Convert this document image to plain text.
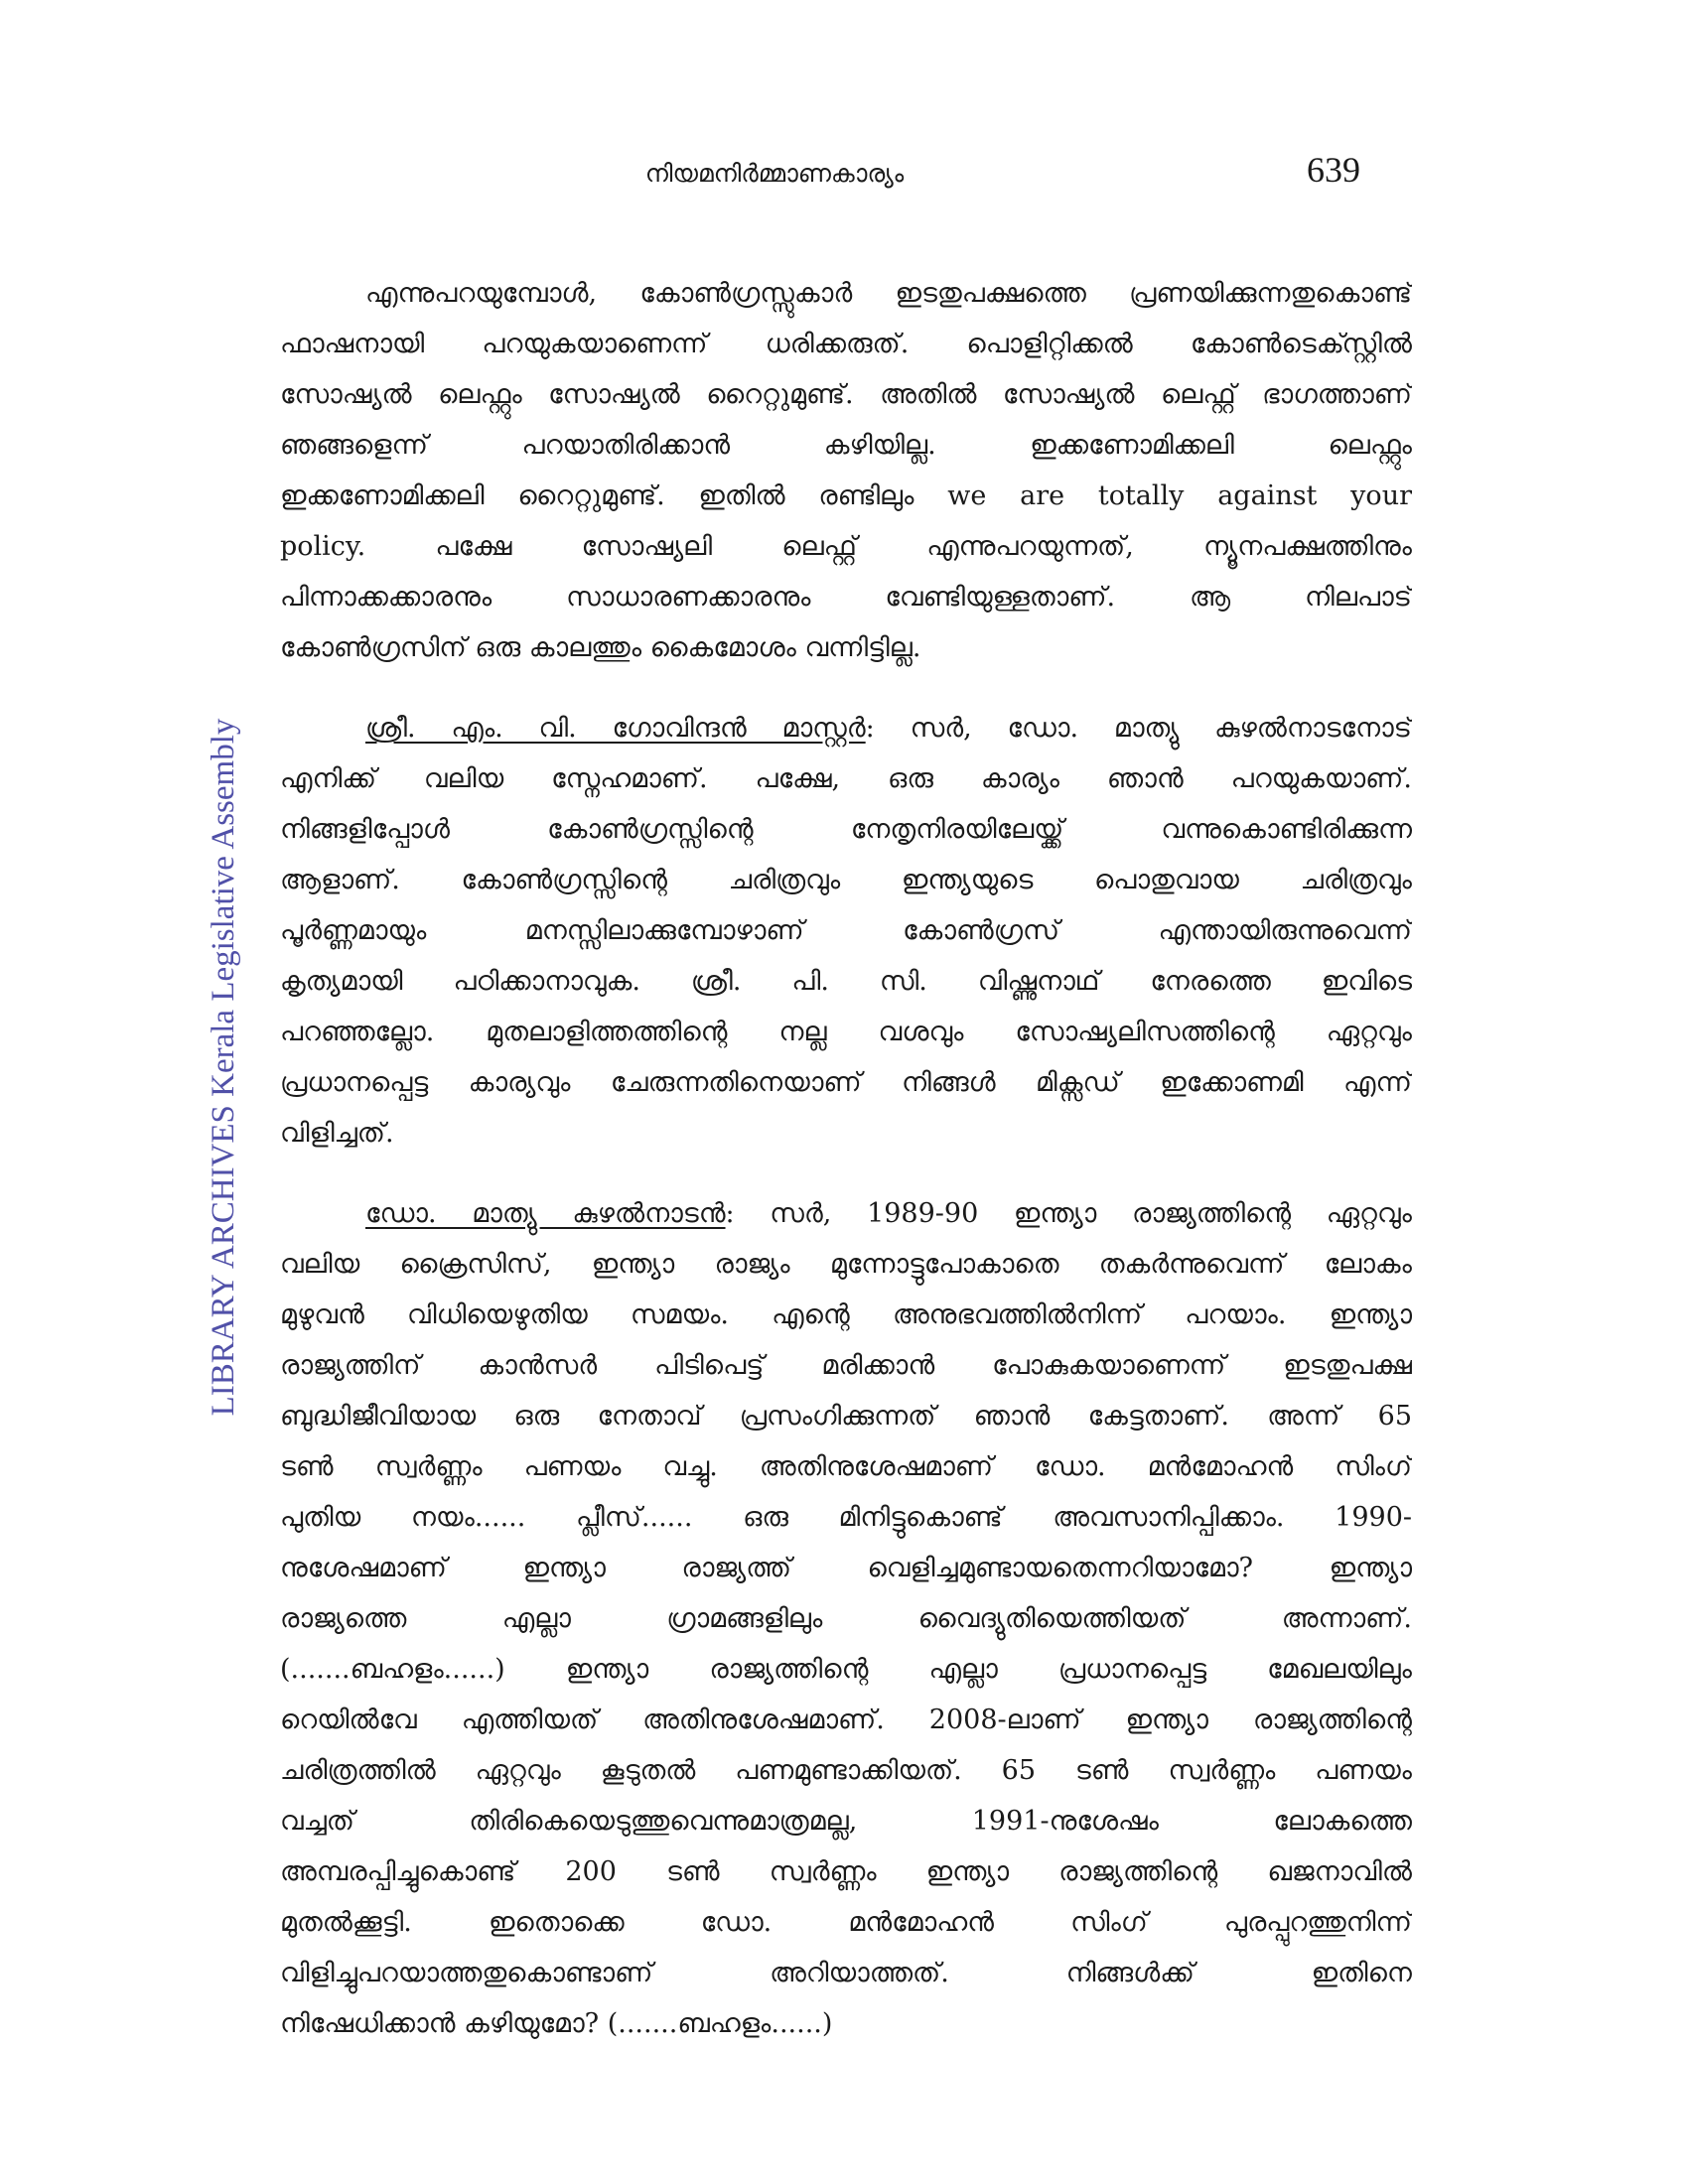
നിയമനിർമ്മാണകാര്യം	639
LIBRARY ARCHIVES Kerala Legislative Assembly
എന്നുപറയുമ്പോൾ, കോൺഗ്രസ്സുകാർ ഇടതുപക്ഷത്തെ പ്രണയിക്കുന്നതുകൊണ്ട്
ഫാഷനായി പറയുകയാണെന്ന് ധരിക്കരുത്. പൊളിറ്റിക്കൽ കോൺടെക്സ്റ്റിൽ
സോഷ്യൽ ലെഫ്റ്റും സോഷ്യൽ റൈറ്റുമുണ്ട്. അതിൽ സോഷ്യൽ ലെഫ്റ്റ് ഭാഗത്താണ്
ഞങ്ങളെന്ന് പറയാതിരിക്കാൻ കഴിയില്ല. ഇക്കണോമിക്കലി ലെഫ്റ്റും
ഇക്കണോമിക്കലി റൈറ്റുമുണ്ട്. ഇതിൽ രണ്ടിലും we are totally against your
policy. പക്ഷേ സോഷ്യലി ലെഫ്റ്റ് എന്നുപറയുന്നത്, ന്യൂനപക്ഷത്തിനും
പിന്നാക്കക്കാരനും സാധാരണക്കാരനും വേണ്ടിയുള്ളതാണ്. ആ നിലപാട്
കോൺഗ്രസിന് ഒരു കാലത്തും കൈമോശം വന്നിട്ടില്ല.
ശ്രീ. എം. വി. ഗോവിന്ദൻ മാസ്റ്റർ: സർ, ഡോ. മാത്യു കുഴൽനാടനോട്
എനിക്ക് വലിയ സ്നേഹമാണ്. പക്ഷേ, ഒരു കാര്യം ഞാൻ പറയുകയാണ്.
നിങ്ങളിപ്പോൾ കോൺഗ്രസ്സിന്റെ നേതൃനിരയിലേയ്ക്ക് വന്നുകൊണ്ടിരിക്കുന്ന
ആളാണ്. കോൺഗ്രസ്സിന്റെ ചരിത്രവും ഇന്ത്യയുടെ പൊതുവായ ചരിത്രവും
പൂർണ്ണമായും മനസ്സിലാക്കുമ്പോഴാണ് കോൺഗ്രസ് എന്തായിരുന്നുവെന്ന്
കൃത്യമായി പഠിക്കാനാവുക. ശ്രീ. പി. സി. വിഷ്ണുനാഥ് നേരത്തെ ഇവിടെ
പറഞ്ഞല്ലോ. മുതലാളിത്തത്തിന്റെ നല്ല വശവും സോഷ്യലിസത്തിന്റെ ഏറ്റവും
പ്രധാനപ്പെട്ട കാര്യവും ചേരുന്നതിനെയാണ് നിങ്ങൾ മിക്സഡ് ഇക്കോണമി എന്ന്
വിളിച്ചത്.
ഡോ. മാത്യു കുഴൽനാടൻ: സർ, 1989-90 ഇന്ത്യാ രാജ്യത്തിന്റെ ഏറ്റവും
വലിയ ക്രൈസിസ്, ഇന്ത്യാ രാജ്യം മുന്നോട്ടുപോകാതെ തകർന്നുവെന്ന് ലോകം
മുഴുവൻ വിധിയെഴുതിയ സമയം. എന്റെ അനുഭവത്തിൽനിന്ന് പറയാം. ഇന്ത്യാ
രാജ്യത്തിന് കാൻസർ പിടിപെട്ട് മരിക്കാൻ പോകുകയാണെന്ന് ഇടതുപക്ഷ
ബുദ്ധിജീവിയായ ഒരു നേതാവ് പ്രസംഗിക്കുന്നത് ഞാൻ കേട്ടതാണ്. അന്ന് 65
ടൺ സ്വർണ്ണം പണയം വച്ചു. അതിനുശേഷമാണ് ഡോ. മൻമോഹൻ സിംഗ്
പുതിയ നയം...... പ്ലീസ്...... ഒരു മിനിട്ടുകൊണ്ട് അവസാനിപ്പിക്കാം. 1990-
നുശേഷമാണ് ഇന്ത്യാ രാജ്യത്ത് വെളിച്ചമുണ്ടായതെന്നറിയാമോ? ഇന്ത്യാ
രാജ്യത്തെ എല്ലാ ഗ്രാമങ്ങളിലും വൈദ്യുതിയെത്തിയത് അന്നാണ്.
(.......ബഹളം......) ഇന്ത്യാ രാജ്യത്തിന്റെ എല്ലാ പ്രധാനപ്പെട്ട മേഖലയിലും
റെയിൽവേ എത്തിയത് അതിനുശേഷമാണ്. 2008-ലാണ് ഇന്ത്യാ രാജ്യത്തിന്റെ
ചരിത്രത്തിൽ ഏറ്റവും കൂടുതൽ പണമുണ്ടാക്കിയത്. 65 ടൺ സ്വർണ്ണം പണയം
വച്ചത് തിരികെയെടുത്തുവെന്നുമാത്രമല്ല, 1991-നുശേഷം ലോകത്തെ
അമ്പരപ്പിച്ചുകൊണ്ട് 200 ടൺ സ്വർണ്ണം ഇന്ത്യാ രാജ്യത്തിന്റെ ഖജനാവിൽ
മുതൽക്കൂട്ടി. ഇതൊക്കെ ഡോ. മൻമോഹൻ സിംഗ് പുരപ്പുറത്തുനിന്ന്
വിളിച്ചുപറയാത്തതുകൊണ്ടാണ് അറിയാത്തത്. നിങ്ങൾക്ക് ഇതിനെ
നിഷേധിക്കാൻ കഴിയുമോ? (.......ബഹളം......)
